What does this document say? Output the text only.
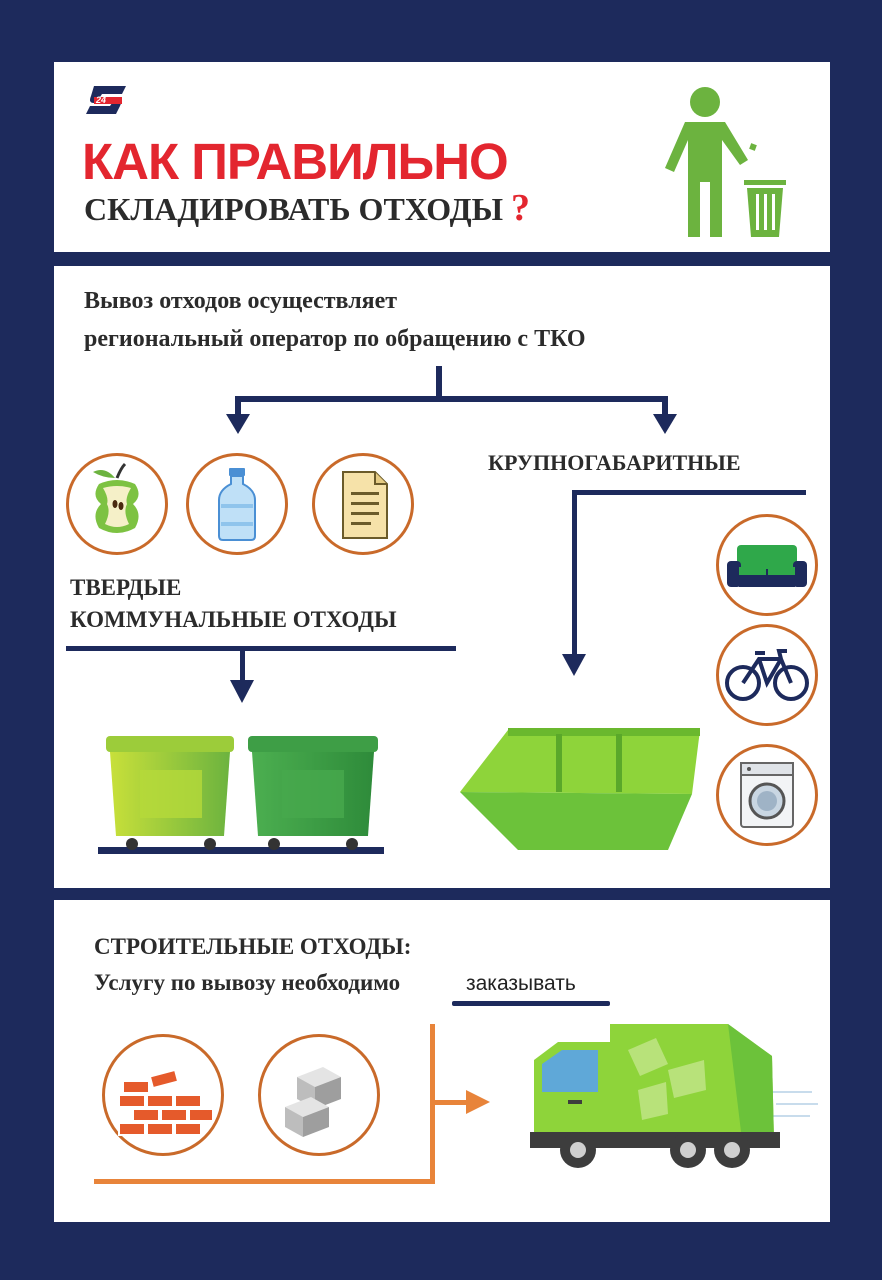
24
КАК ПРАВИЛЬНО
СКЛАДИРОВАТЬ ОТХОДЫ ?
Вывоз отходов осуществляет
региональный оператор по обращению с ТКО
ТВЕРДЫЕ
КОММУНАЛЬНЫЕ ОТХОДЫ
КРУПНОГАБАРИТНЫЕ
СТРОИТЕЛЬНЫЕ ОТХОДЫ:
Услугу по вывозу необходимо	заказывать
